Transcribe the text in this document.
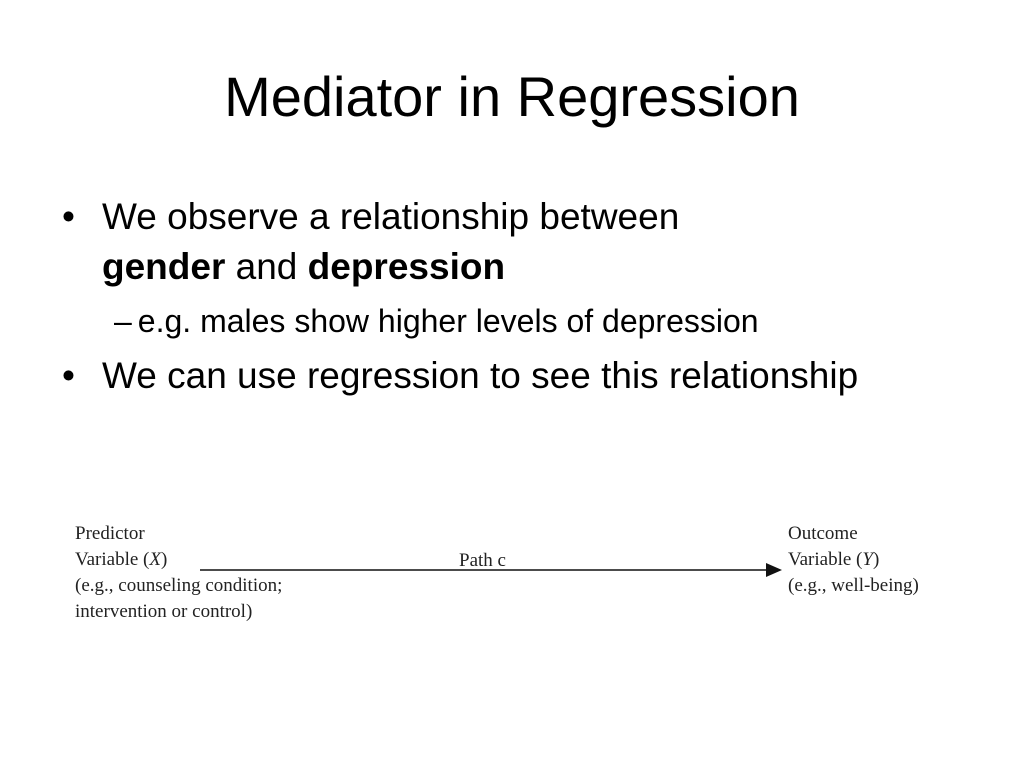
Mediator in Regression
• We observe a relationship between
gender and depression
– e.g. males show higher levels of depression
• We can use regression to see this relationship
Predictor
Variable (X)
(e.g., counseling condition;
intervention or control)
Path c
Outcome
Variable (Y)
(e.g., well-being)
